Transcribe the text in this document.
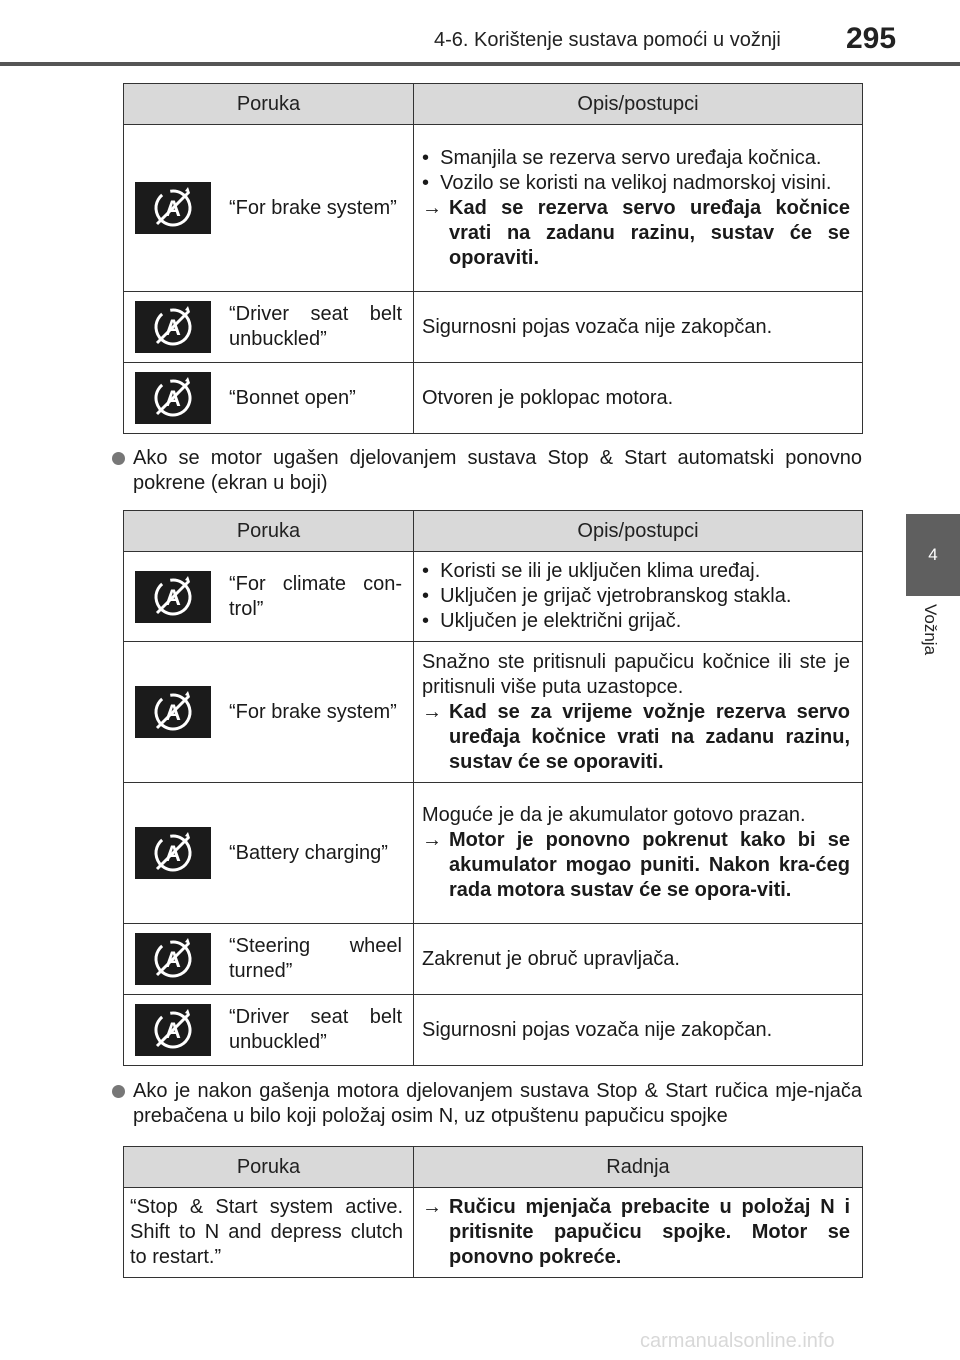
4-6. Korištenje sustava pomoći u vožnji 295
4
Vožnja
Poruka	Opis/postupci

“For brake system”	• Smanjila se rezerva servo uređaja kočnica.
• Vozilo se koristi na velikoj nadmorskoj visini.
→ Kad se rezerva servo uređaja kočnice vrati na zadanu razinu, sustav će se oporaviti.

“Driver seat belt unbuckled”	Sigurnosni pojas vozača nije zakopčan.

“Bonnet open”	Otvoren je poklopac motora.
Ako se motor ugašen djelovanjem sustava Stop & Start automatski ponovno pokrene (ekran u boji)
Poruka	Opis/postupci

“For climate con-trol”	• Koristi se ili je uključen klima uređaj.
• Uključen je grijač vjetrobranskog stakla.
• Uključen je električni grijač.

“For brake system”	Snažno ste pritisnuli papučicu kočnice ili ste je pritisnuli više puta uzastopce.
→ Kad se za vrijeme vožnje rezerva servo uređaja kočnice vrati na zadanu razinu, sustav će se oporaviti.

“Battery charging”	Moguće je da je akumulator gotovo prazan.
→ Motor je ponovno pokrenut kako bi se akumulator mogao puniti. Nakon kra-ćeg rada motora sustav će se opora-viti.

“Steering wheel turned”	Zakrenut je obruč upravljača.

“Driver seat belt unbuckled”	Sigurnosni pojas vozača nije zakopčan.
Ako je nakon gašenja motora djelovanjem sustava Stop & Start ručica mje-njača prebačena u bilo koji položaj osim N, uz otpuštenu papučicu spojke
Poruka	Radnja
“Stop & Start system active. Shift to N and depress clutch to restart.”	→ Ručicu mjenjača prebacite u položaj N i pritisnite papučicu spojke. Motor se ponovno pokreće.
carmanualsonline.info
